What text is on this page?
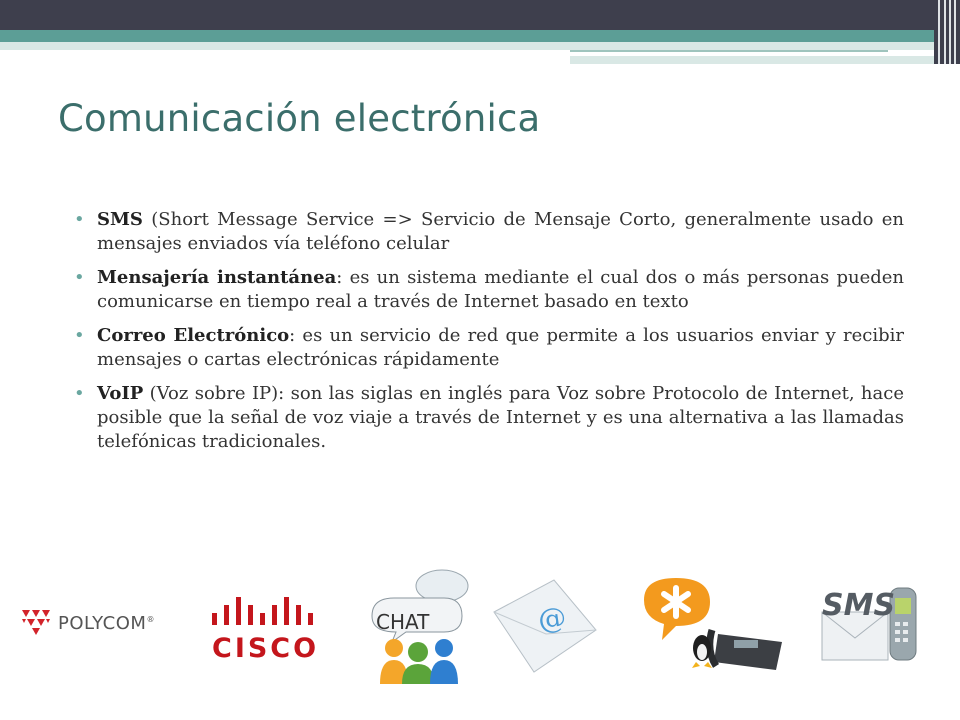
Comunicación electrónica
• SMS (Short Message Service => Servicio de Mensaje Corto, generalmente usado en mensajes enviados vía teléfono celular
• Mensajería instantánea: es un sistema mediante el cual dos o más personas pueden comunicarse en tiempo real a través de Internet basado en texto
• Correo Electrónico: es un servicio de red que permite a los usuarios enviar y recibir mensajes o cartas electrónicas rápidamente
• VoIP (Voz sobre IP): son las siglas en inglés para Voz sobre Protocolo de Internet, hace posible que la señal de voz viaje a través de Internet y es una alternativa a las llamadas telefónicas tradicionales.
POLYCOM®
CISCO
CHAT	@	SMS
